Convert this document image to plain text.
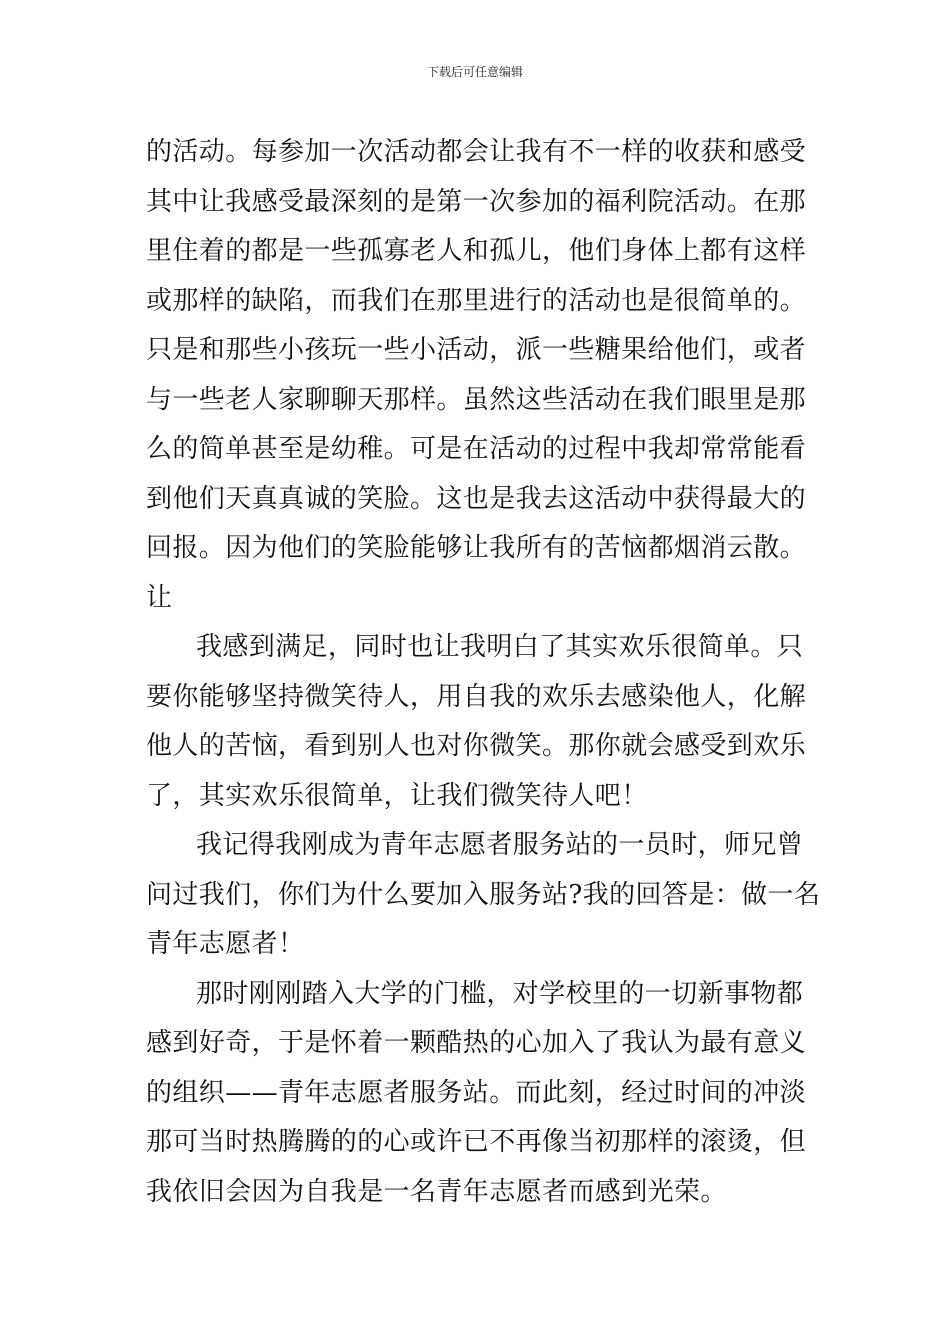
下载后可任意编辑
的活动。每参加一次活动都会让我有不一样的收获和感受
其中让我感受最深刻的是第一次参加的福利院活动。在那
里住着的都是一些孤寡老人和孤儿，他们身体上都有这样
或那样的缺陷，而我们在那里进行的活动也是很简单的。
只是和那些小孩玩一些小活动，派一些糖果给他们，或者
与一些老人家聊聊天那样。虽然这些活动在我们眼里是那
么的简单甚至是幼稚。可是在活动的过程中我却常常能看
到他们天真真诚的笑脸。这也是我去这活动中获得最大的
回报。因为他们的笑脸能够让我所有的苦恼都烟消云散。
让
我感到满足，同时也让我明白了其实欢乐很简单。只
要你能够坚持微笑待人，用自我的欢乐去感染他人，化解
他人的苦恼，看到别人也对你微笑。那你就会感受到欢乐
了，其实欢乐很简单，让我们微笑待人吧！
我记得我刚成为青年志愿者服务站的一员时，师兄曾
问过我们，你们为什么要加入服务站?我的回答是：做一名
青年志愿者！
那时刚刚踏入大学的门槛，对学校里的一切新事物都
感到好奇，于是怀着一颗酷热的心加入了我认为最有意义
的组织——青年志愿者服务站。而此刻，经过时间的冲淡
那可当时热腾腾的的心或许已不再像当初那样的滚烫，但
我依旧会因为自我是一名青年志愿者而感到光荣。
